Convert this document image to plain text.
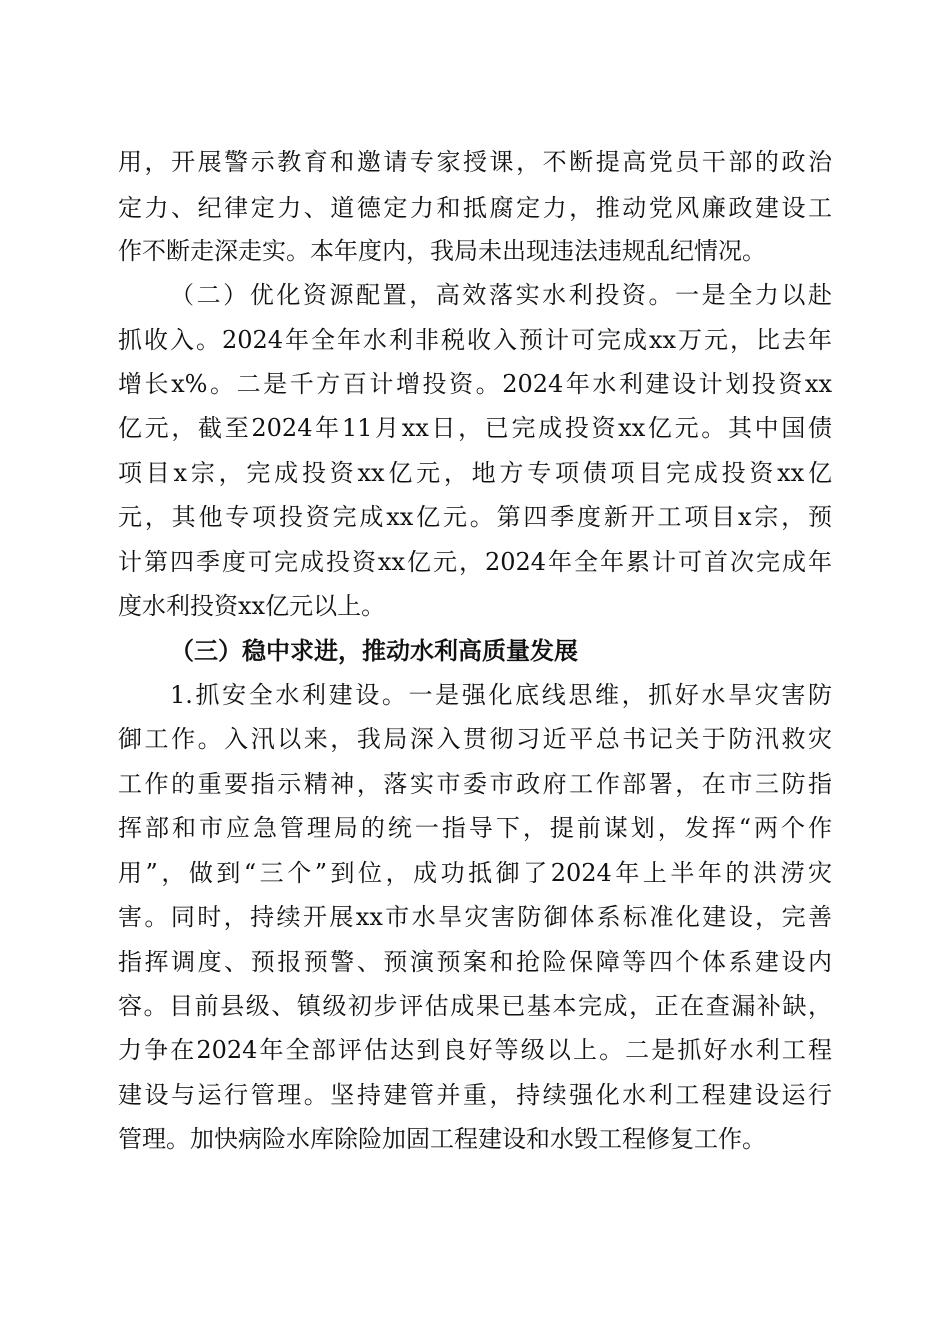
用，开展警示教育和邀请专家授课，不断提高党员干部的政治
定力、纪律定力、道德定力和抵腐定力，推动党风廉政建设工
作不断走深走实。本年度内，我局未出现违法违规乱纪情况。
（二）优化资源配置，高效落实水利投资。一是全力以赴
抓收入。2024年全年水利非税收入预计可完成xx万元，比去年
增长x%。二是千方百计增投资。2024年水利建设计划投资xx
亿元，截至2024年11月xx日，已完成投资xx亿元。其中国债
项目x宗，完成投资xx亿元，地方专项债项目完成投资xx亿
元，其他专项投资完成xx亿元。第四季度新开工项目x宗，预
计第四季度可完成投资xx亿元，2024年全年累计可首次完成年
度水利投资xx亿元以上。
（三）稳中求进，推动水利高质量发展
1.抓安全水利建设。一是强化底线思维，抓好水旱灾害防
御工作。入汛以来，我局深入贯彻习近平总书记关于防汛救灾
工作的重要指示精神，落实市委市政府工作部署，在市三防指
挥部和市应急管理局的统一指导下，提前谋划，发挥“两个作
用”，做到“三个”到位，成功抵御了2024年上半年的洪涝灾
害。同时，持续开展xx市水旱灾害防御体系标准化建设，完善
指挥调度、预报预警、预演预案和抢险保障等四个体系建设内
容。目前县级、镇级初步评估成果已基本完成，正在查漏补缺，
力争在2024年全部评估达到良好等级以上。二是抓好水利工程
建设与运行管理。坚持建管并重，持续强化水利工程建设运行
管理。加快病险水库除险加固工程建设和水毁工程修复工作。
